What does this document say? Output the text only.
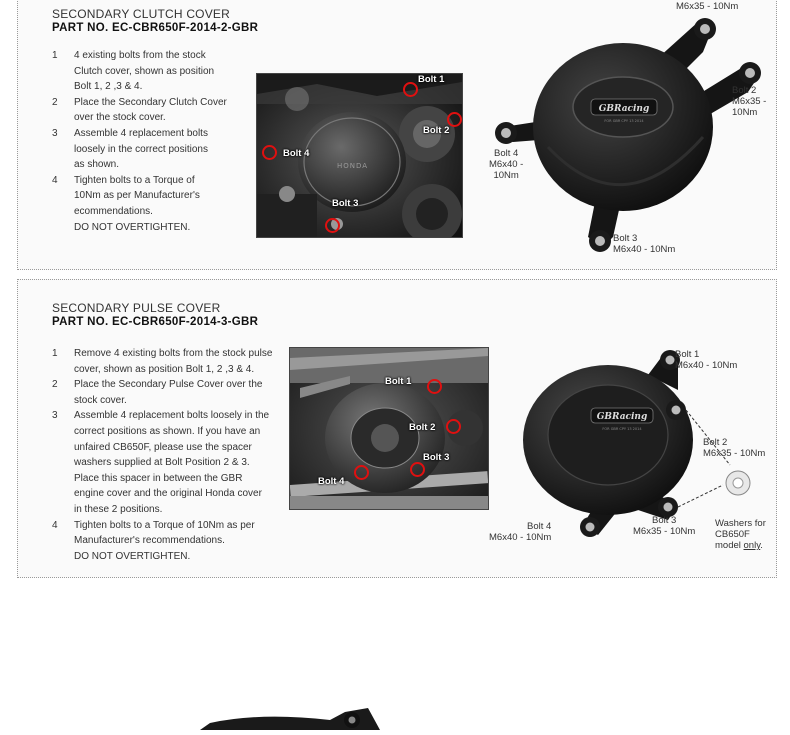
SECONDARY CLUTCH COVER
PART NO. EC-CBR650F-2014-2-GBR
1 4 existing bolts from the stock
Clutch cover, shown as position
Bolt 1, 2 ,3 & 4.
2 Place the Secondary Clutch Cover
over the stock cover.
3 Assemble 4 replacement bolts
loosely in the correct positions
as shown.
4 Tighten bolts to a Torque of
10Nm as per Manufacturer's
ecommendations.
DO NOT OVERTIGHTEN.
HONDA
Bolt 1
Bolt 2
Bolt 4
Bolt 3
GBRacing
FOR GBR CPY 13 2014
M6x35 - 10Nm
Bolt 2
M6x35 -
10Nm
Bolt 4
M6x40 -
10Nm
Bolt 3
M6x40 - 10Nm
SECONDARY PULSE COVER
PART NO. EC-CBR650F-2014-3-GBR
1 Remove 4 existing bolts from the stock pulse
cover, shown as position Bolt 1, 2 ,3 & 4.
2 Place the Secondary Pulse Cover over the
stock cover.
3 Assemble 4 replacement bolts loosely in the
correct positions as shown. If you have an
unfaired CB650F, please use the spacer
washers supplied at Bolt Position 2 & 3.
Place this spacer in between the GBR
engine cover and the original Honda cover
in these 2 positions.
4 Tighten bolts to a Torque of 10Nm as per
Manufacturer's recommendations.
DO NOT OVERTIGHTEN.
Bolt 1
Bolt 2
Bolt 3
Bolt 4
GBRacing
FOR GBR CPY 13 2014
Bolt 1
M6x40 - 10Nm
Bolt 2
M6x35 - 10Nm
Bolt 4
M6x40 - 10Nm
Bolt 3
M6x35 - 10Nm
Washers for
CB650F
model only.
